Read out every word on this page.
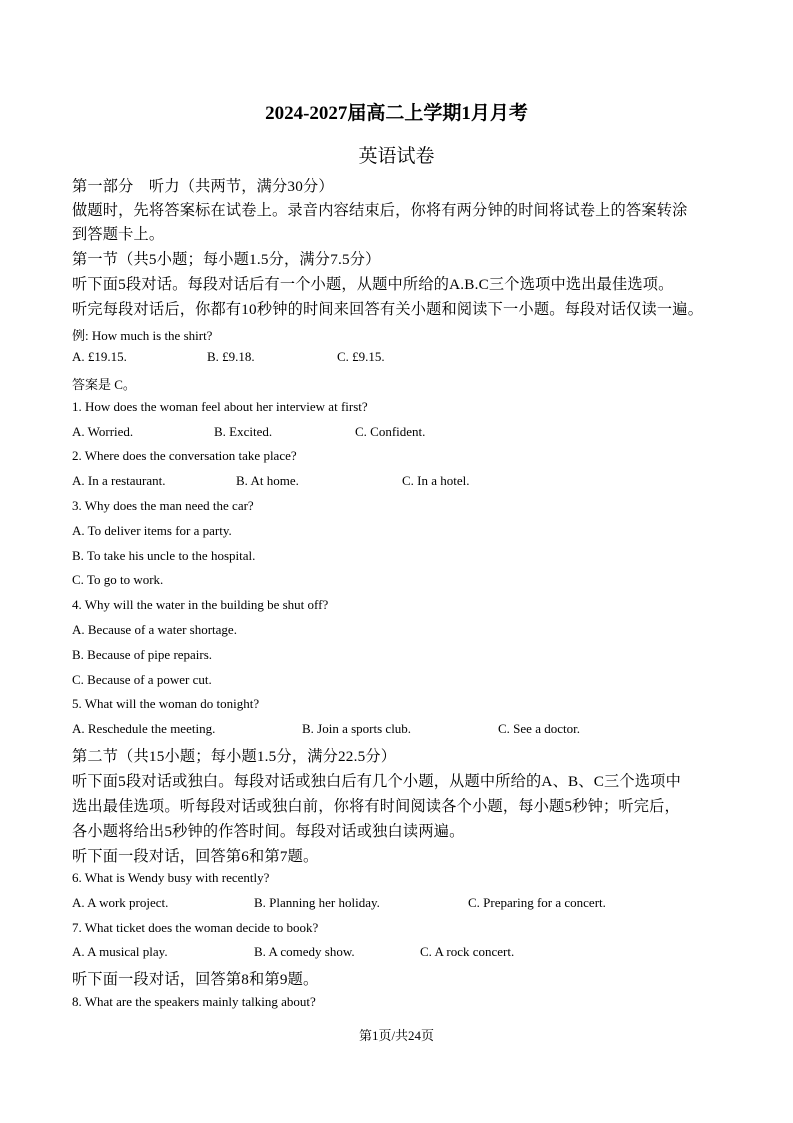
2024-2027届高二上学期1月月考
英语试卷
第一部分　听力（共两节，满分30分）
做题时，先将答案标在试卷上。录音内容结束后，你将有两分钟的时间将试卷上的答案转涂
到答题卡上。
第一节（共5小题；每小题1.5分，满分7.5分）
听下面5段对话。每段对话后有一个小题，从题中所给的A.B.C三个选项中选出最佳选项。
听完每段对话后，你都有10秒钟的时间来回答有关小题和阅读下一小题。每段对话仅读一遍。
例: How much is the shirt?
A. £19.15.	B. £9.18.	C. £9.15.
答案是 C。
1. How does the woman feel about her interview at first?
A. Worried.	B. Excited.	C. Confident.
2. Where does the conversation take place?
A. In a restaurant.	B. At home.	C. In a hotel.
3. Why does the man need the car?
A. To deliver items for a party.
B. To take his uncle to the hospital.
C. To go to work.
4. Why will the water in the building be shut off?
A. Because of a water shortage.
B. Because of pipe repairs.
C. Because of a power cut.
5. What will the woman do tonight?
A. Reschedule the meeting.	B. Join a sports club.	C. See a doctor.
第二节（共15小题；每小题1.5分，满分22.5分）
听下面5段对话或独白。每段对话或独白后有几个小题，从题中所给的A、B、C三个选项中
选出最佳选项。听每段对话或独白前，你将有时间阅读各个小题，每小题5秒钟；听完后，
各小题将给出5秒钟的作答时间。每段对话或独白读两遍。
听下面一段对话，回答第6和第7题。
6. What is Wendy busy with recently?
A. A work project.	B. Planning her holiday.	C. Preparing for a concert.
7. What ticket does the woman decide to book?
A. A musical play.	B. A comedy show.	C. A rock concert.
听下面一段对话，回答第8和第9题。
8. What are the speakers mainly talking about?
第1页/共24页
